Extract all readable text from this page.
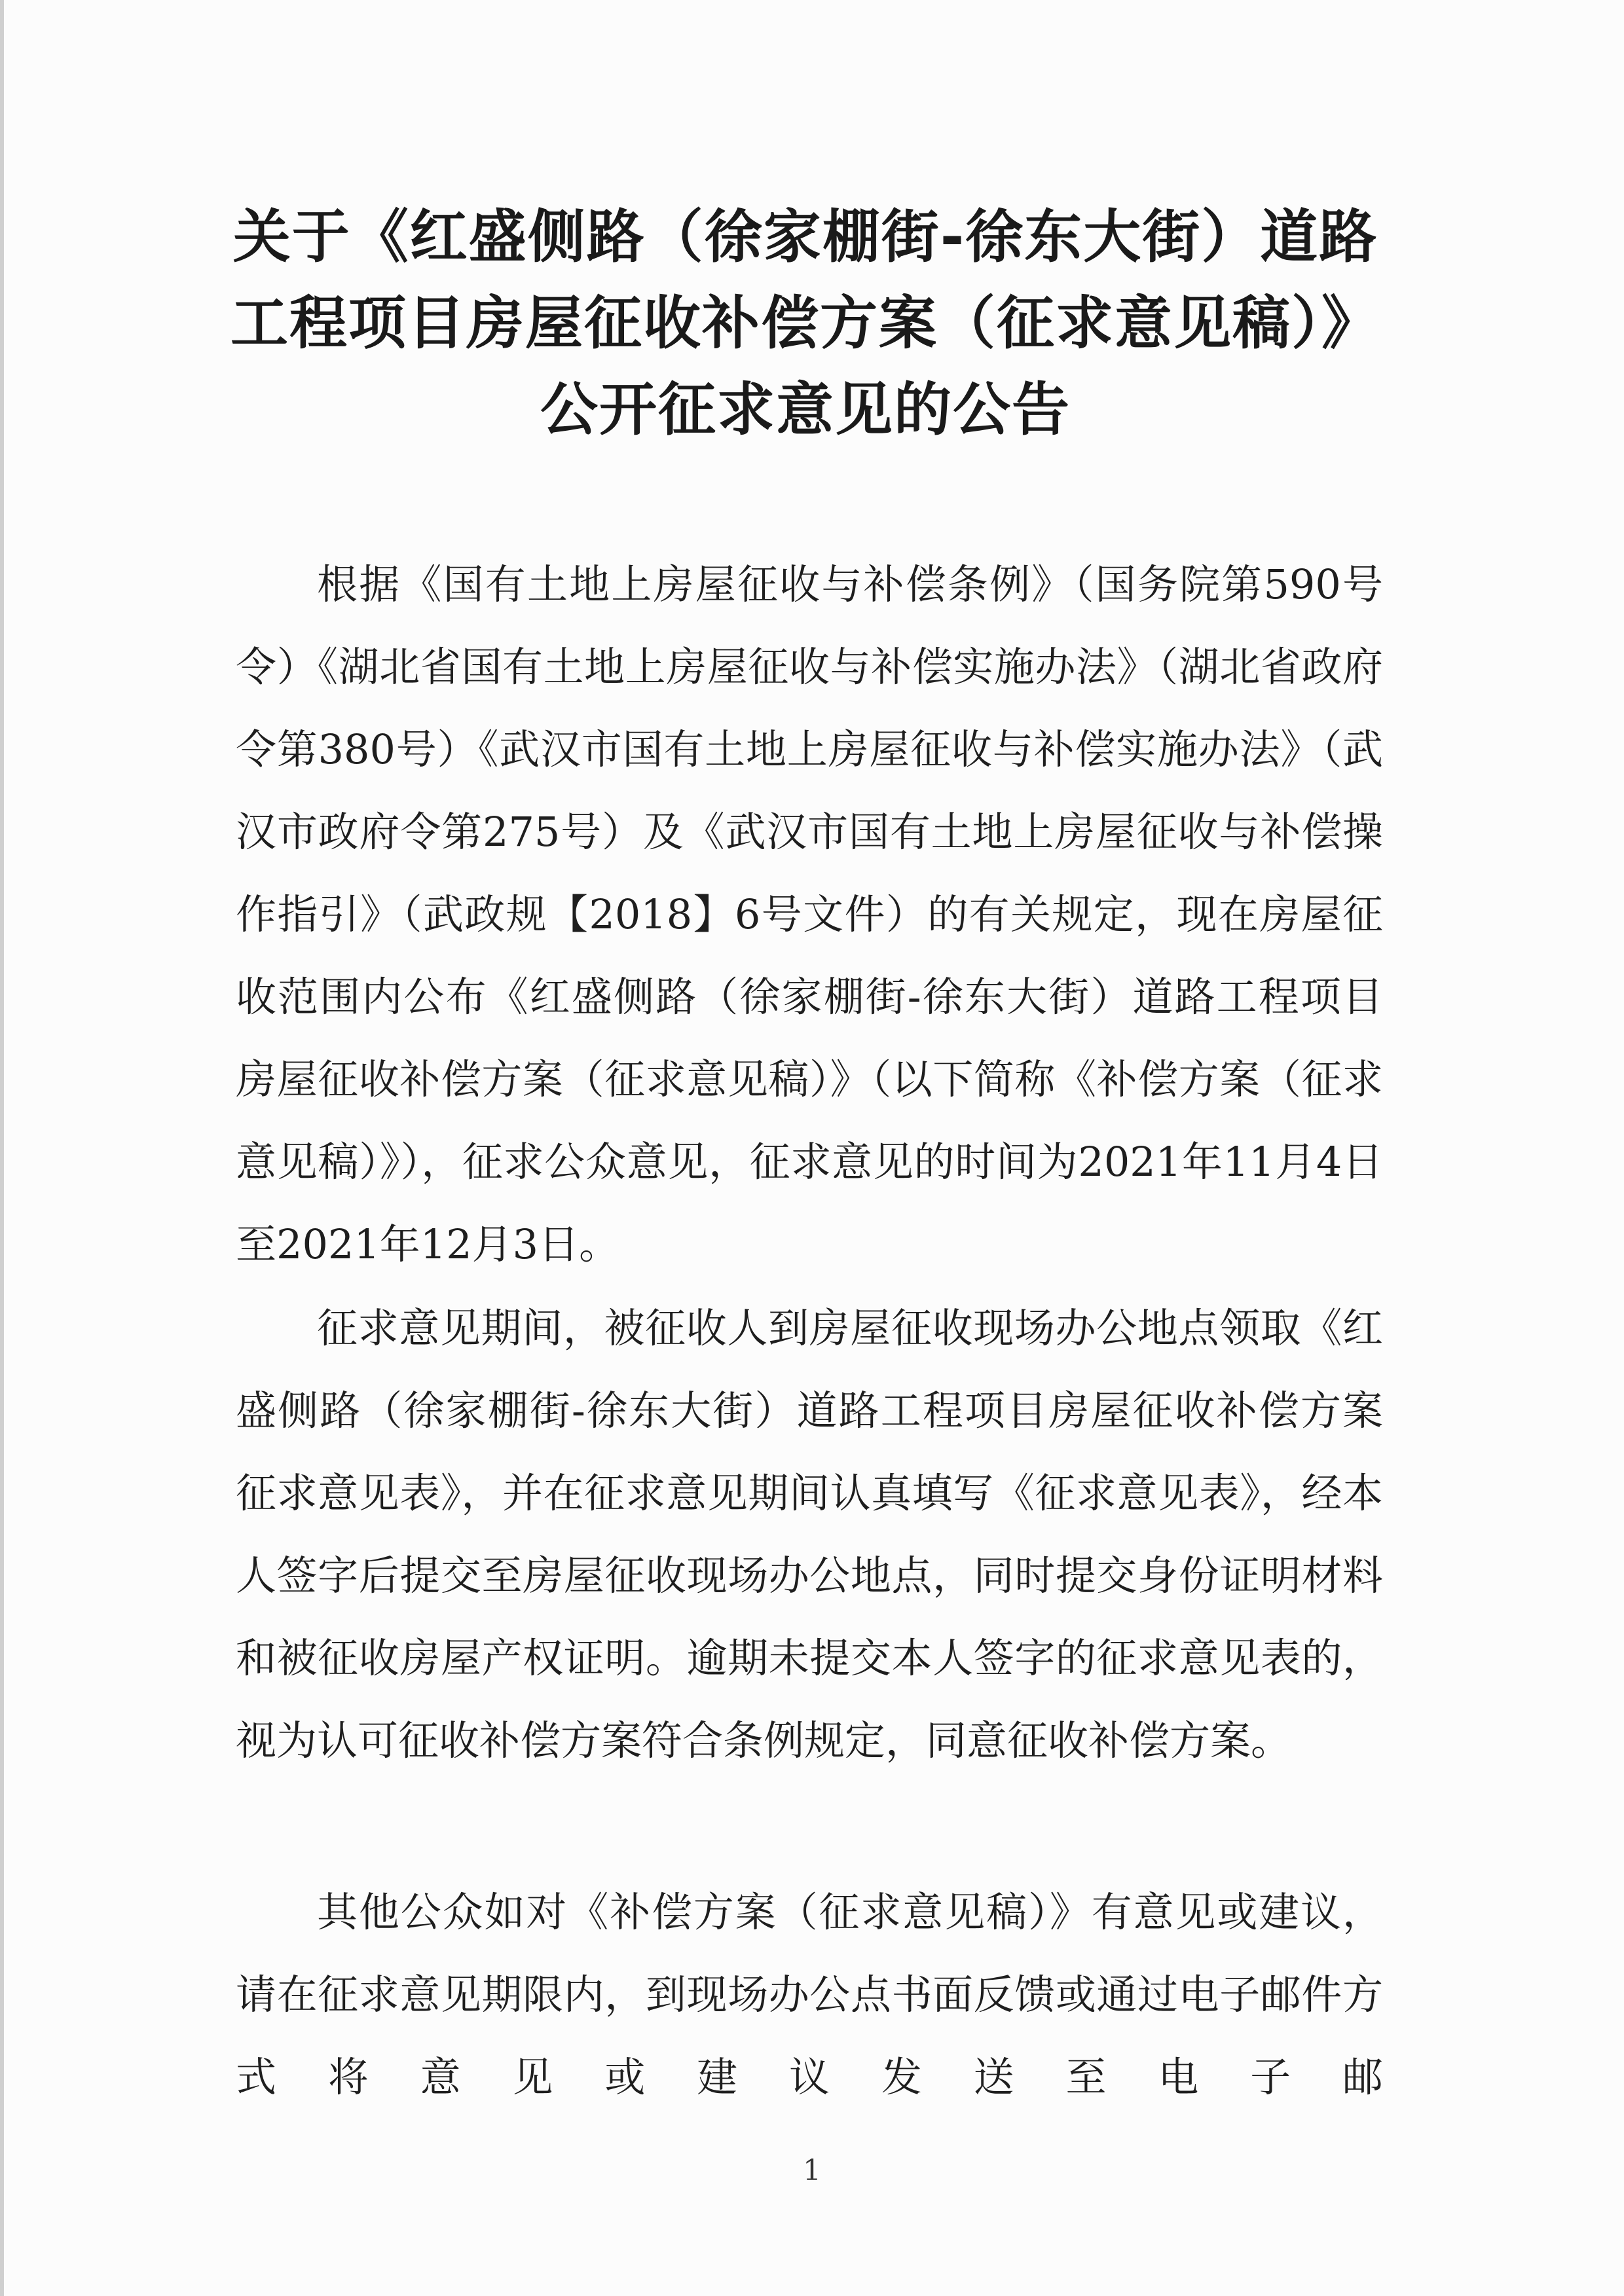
关于《红盛侧路（徐家棚街-徐东大街）道路
工程项目房屋征收补偿方案（征求意见稿）》
公开征求意见的公告

根据《国有土地上房屋征收与补偿条例》（国务院第590号令）《湖北省国有土地上房屋征收与补偿实施办法》（湖北省政府令第380号）《武汉市国有土地上房屋征收与补偿实施办法》（武汉市政府令第275号）及《武汉市国有土地上房屋征收与补偿操作指引》（武政规【2018】6号文件）的有关规定，现在房屋征收范围内公布《红盛侧路（徐家棚街-徐东大街）道路工程项目房屋征收补偿方案（征求意见稿）》（以下简称《补偿方案（征求意见稿）》），征求公众意见，征求意见的时间为2021年11月4日至2021年12月3日。

征求意见期间，被征收人到房屋征收现场办公地点领取《红盛侧路（徐家棚街-徐东大街）道路工程项目房屋征收补偿方案征求意见表》，并在征求意见期间认真填写《征求意见表》，经本人签字后提交至房屋征收现场办公地点，同时提交身份证明材料和被征收房屋产权证明。逾期未提交本人签字的征求意见表的，视为认可征收补偿方案符合条例规定，同意征收补偿方案。

其他公众如对《补偿方案（征求意见稿）》有意见或建议，请在征求意见期限内，到现场办公点书面反馈或通过电子邮件方式将意见或建议发送至电子邮

1
